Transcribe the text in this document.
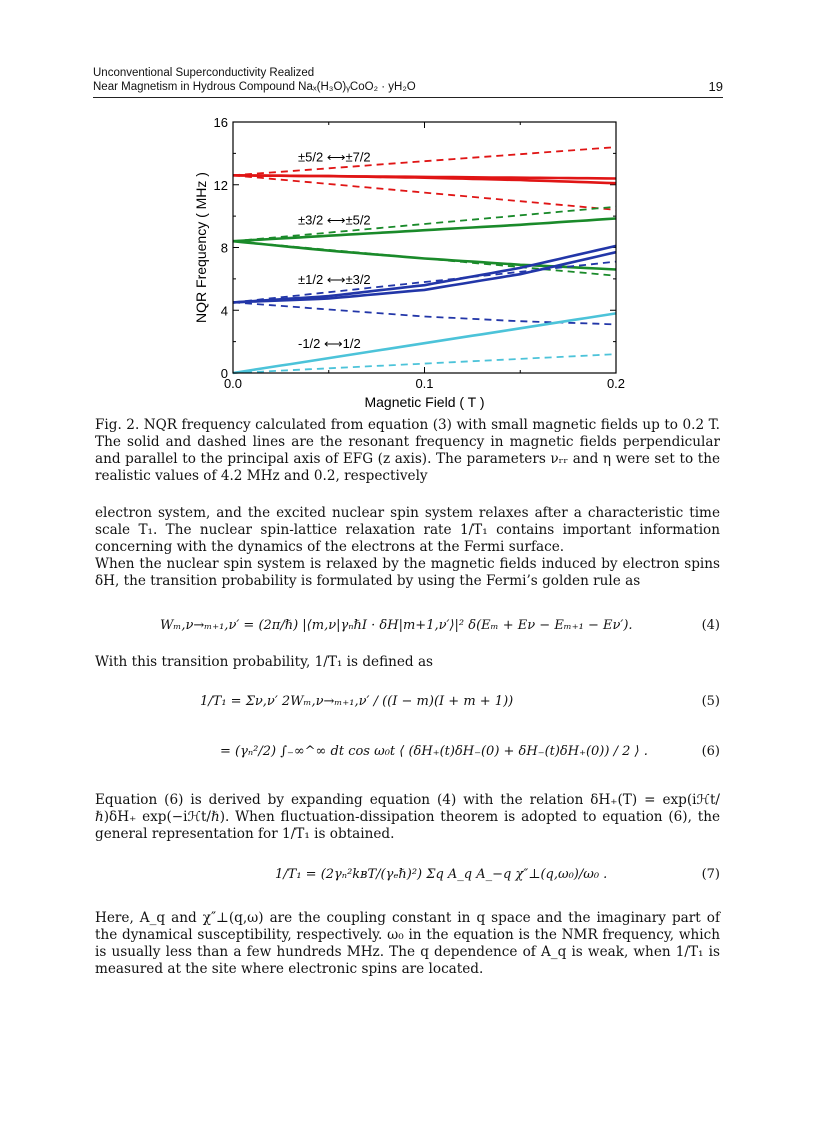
Unconventional Superconductivity Realized
Near Magnetism in Hydrous Compound Naₓ(H₃O)ᵧCoO₂ · yH₂O	19
0
4
8
12
16
0.0	0.1	0.2
±5/2 ⟷±7/2
±3/2 ⟷±5/2
±1/2 ⟷±3/2
-1/2 ⟷1/2
Magnetic Field ( T )
NQR Frequency ( MHz )
Fig. 2. NQR frequency calculated from equation (3) with small magnetic fields up to 0.2 T. The solid and dashed lines are the resonant frequency in magnetic fields perpendicular and parallel to the principal axis of EFG (z axis). The parameters νᵣᵣ and η were set to the realistic values of 4.2 MHz and 0.2, respectively
electron system, and the excited nuclear spin system relaxes after a characteristic time scale T₁. The nuclear spin-lattice relaxation rate 1/T₁ contains important information concerning with the dynamics of the electrons at the Fermi surface.
When the nuclear spin system is relaxed by the magnetic fields induced by electron spins δH, the transition probability is formulated by using the Fermi’s golden rule as
Wₘ,ν→ₘ₊₁,ν′ = (2π/ℏ) |⟨m,ν|γₙℏI · δH|m+1,ν′⟩|² δ(Eₘ + Eν − Eₘ₊₁ − Eν′).	(4)
With this transition probability, 1/T₁ is defined as
1/T₁ = Σν,ν′ 2Wₘ,ν→ₘ₊₁,ν′ / ((I − m)(I + m + 1))	(5)
= (γₙ²/2) ∫₋∞^∞ dt cos ω₀t ⟨ (δH₊(t)δH₋(0) + δH₋(t)δH₊(0)) / 2 ⟩ .	(6)
Equation (6) is derived by expanding equation (4) with the relation δH₊(T) = exp(iℋt/ℏ)δH₊ exp(−iℋt/ℏ). When fluctuation-dissipation theorem is adopted to equation (6), the general representation for 1/T₁ is obtained.
1/T₁ = (2γₙ²kʙT/(γₑℏ)²) Σq A_q A_−q χ″⊥(q,ω₀)/ω₀ .	(7)
Here, A_q and χ″⊥(q,ω) are the coupling constant in q space and the imaginary part of the dynamical susceptibility, respectively. ω₀ in the equation is the NMR frequency, which is usually less than a few hundreds MHz. The q dependence of A_q is weak, when 1/T₁ is measured at the site where electronic spins are located.
